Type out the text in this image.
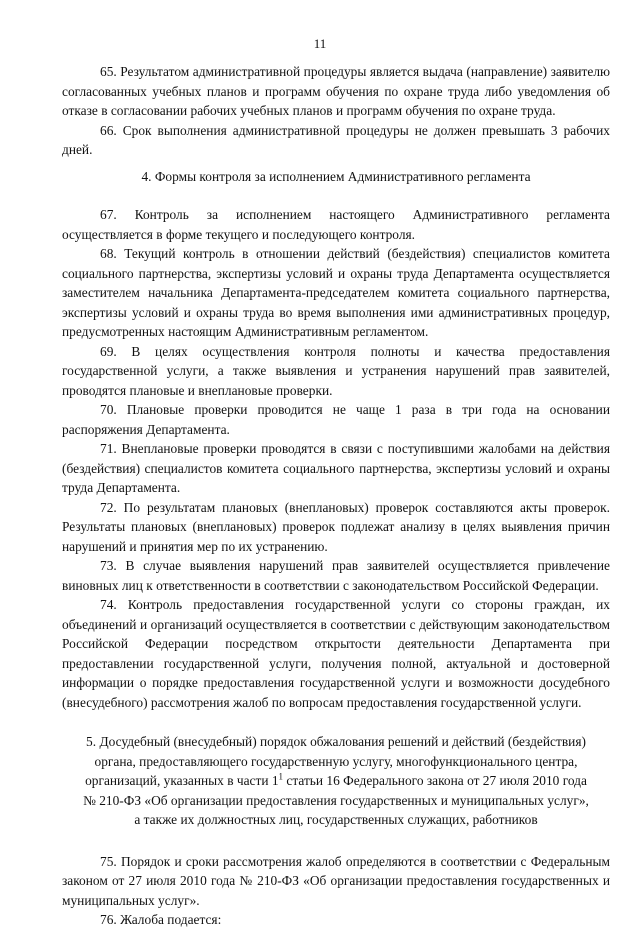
11

65. Результатом административной процедуры является выдача (направление) заявителю согласованных учебных планов и программ обучения по охране труда либо уведомления об отказе в согласовании рабочих учебных планов и программ обучения по охране труда.

66. Срок выполнения административной процедуры не должен превышать 3 рабочих дней.

4. Формы контроля за исполнением Административного регламента

67. Контроль за исполнением настоящего Административного регламента осуществляется в форме текущего и последующего контроля.

68. Текущий контроль в отношении действий (бездействия) специалистов комитета социального партнерства, экспертизы условий и охраны труда Департамента осуществляется заместителем начальника Департамента-председателем комитета социального партнерства, экспертизы условий и охраны труда во время выполнения ими административных процедур, предусмотренных настоящим Административным регламентом.

69. В целях осуществления контроля полноты и качества предоставления государственной услуги, а также выявления и устранения нарушений прав заявителей, проводятся плановые и внеплановые проверки.

70. Плановые проверки проводится не чаще 1 раза в три года на основании распоряжения Департамента.

71. Внеплановые проверки проводятся в связи с поступившими жалобами на действия (бездействия) специалистов комитета социального партнерства, экспертизы условий и охраны труда Департамента.

72. По результатам плановых (внеплановых) проверок составляются акты проверок. Результаты плановых (внеплановых) проверок подлежат анализу в целях выявления причин нарушений и принятия мер по их устранению.

73. В случае выявления нарушений прав заявителей осуществляется привлечение виновных лиц к ответственности в соответствии с законодательством Российской Федерации.

74. Контроль предоставления государственной услуги со стороны граждан, их объединений и организаций осуществляется в соответствии с действующим законодательством Российской Федерации посредством открытости деятельности Департамента при предоставлении государственной услуги, получения полной, актуальной и достоверной информации о порядке предоставления государственной услуги и возможности досудебного (внесудебного) рассмотрения жалоб по вопросам предоставления государственной услуги.

5. Досудебный (внесудебный) порядок обжалования решений и действий (бездействия)
органа, предоставляющего государственную услугу, многофункционального центра,
организаций, указанных в части $1^1$ статьи 16 Федерального закона от 27 июля 2010 года
№ 210-ФЗ «Об организации предоставления государственных и муниципальных услуг»,
а также их должностных лиц, государственных служащих, работников

75. Порядок и сроки рассмотрения жалоб определяются в соответствии с Федеральным законом от 27 июля 2010 года № 210-ФЗ «Об организации предоставления государственных и муниципальных услуг».

76. Жалоба подается:
